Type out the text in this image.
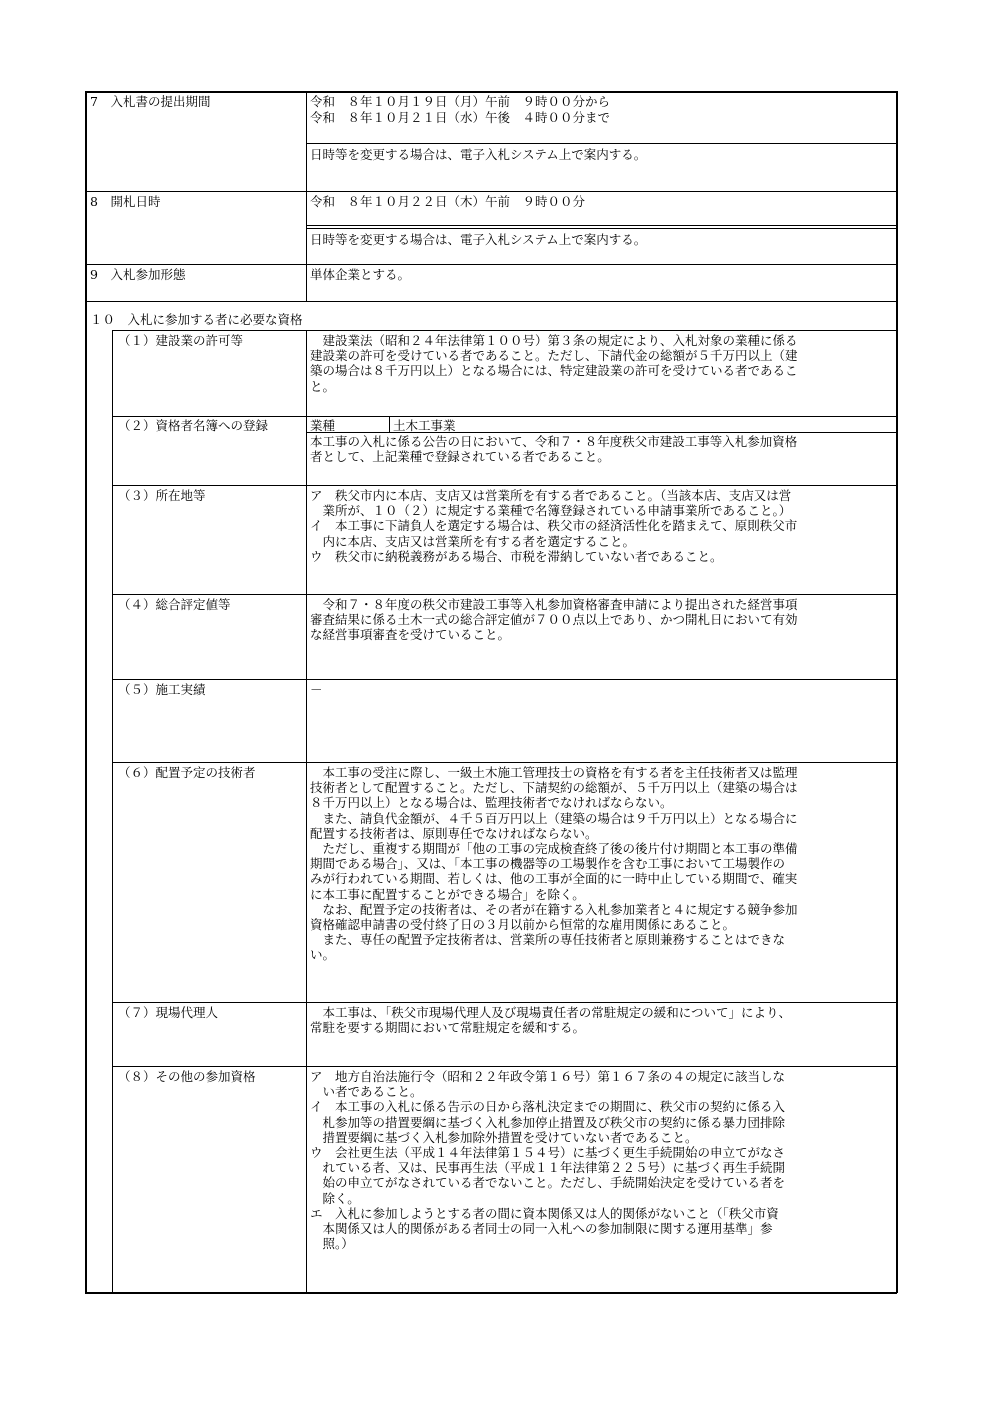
7　入札書の提出期間	令和　８年１０月１９日（月）午前　９時００分から
令和　８年１０月２１日（水）午後　４時００分まで
日時等を変更する場合は、電子入札システム上で案内する。
8　開札日時	令和　８年１０月２２日（木）午前　９時００分
日時等を変更する場合は、電子入札システム上で案内する。
9　入札参加形態	単体企業とする。
１０　入札に参加する者に必要な資格
（１）建設業の許可等	　建設業法（昭和２４年法律第１００号）第３条の規定により、入札対象の業種に係る
建設業の許可を受けている者であること。ただし、下請代金の総額が５千万円以上（建
築の場合は８千万円以上）となる場合には、特定建設業の許可を受けている者であるこ
と。
（２）資格者名簿への登録	業種	土木工事業
本工事の入札に係る公告の日において、令和７・８年度秩父市建設工事等入札参加資格
者として、上記業種で登録されている者であること。
（３）所在地等	ア　秩父市内に本店、支店又は営業所を有する者であること。（当該本店、支店又は営
　業所が、１０（２）に規定する業種で名簿登録されている申請事業所であること。）
イ　本工事に下請負人を選定する場合は、秩父市の経済活性化を踏まえて、原則秩父市
　内に本店、支店又は営業所を有する者を選定すること。
ウ　秩父市に納税義務がある場合、市税を滞納していない者であること。
（４）総合評定値等	　令和７・８年度の秩父市建設工事等入札参加資格審査申請により提出された経営事項
審査結果に係る土木一式の総合評定値が７００点以上であり、かつ開札日において有効
な経営事項審査を受けていること。
（５）施工実績	－
（６）配置予定の技術者	　本工事の受注に際し、一級土木施工管理技士の資格を有する者を主任技術者又は監理
技術者として配置すること。ただし、下請契約の総額が、５千万円以上（建築の場合は
８千万円以上）となる場合は、監理技術者でなければならない。
　また、請負代金額が、４千５百万円以上（建築の場合は９千万円以上）となる場合に
配置する技術者は、原則専任でなければならない。
　ただし、重複する期間が「他の工事の完成検査終了後の後片付け期間と本工事の準備
期間である場合」、又は、「本工事の機器等の工場製作を含む工事において工場製作の
みが行われている期間、若しくは、他の工事が全面的に一時中止している期間で、確実
に本工事に配置することができる場合」を除く。
　なお、配置予定の技術者は、その者が在籍する入札参加業者と４に規定する競争参加
資格確認申請書の受付終了日の３月以前から恒常的な雇用関係にあること。
　また、専任の配置予定技術者は、営業所の専任技術者と原則兼務することはできな
い。
（７）現場代理人	　本工事は、「秩父市現場代理人及び現場責任者の常駐規定の緩和について」により、
常駐を要する期間において常駐規定を緩和する。
（８）その他の参加資格	ア　地方自治法施行令（昭和２２年政令第１６号）第１６７条の４の規定に該当しな
　い者であること。
イ　本工事の入札に係る告示の日から落札決定までの期間に、秩父市の契約に係る入
　札参加等の措置要綱に基づく入札参加停止措置及び秩父市の契約に係る暴力団排除
　措置要綱に基づく入札参加除外措置を受けていない者であること。
ウ　会社更生法（平成１４年法律第１５４号）に基づく更生手続開始の申立てがなさ
　れている者、又は、民事再生法（平成１１年法律第２２５号）に基づく再生手続開
　始の申立てがなされている者でないこと。ただし、手続開始決定を受けている者を
　除く。
エ　入札に参加しようとする者の間に資本関係又は人的関係がないこと（「秩父市資
　本関係又は人的関係がある者同士の同一入札への参加制限に関する運用基準」参
　照。）
